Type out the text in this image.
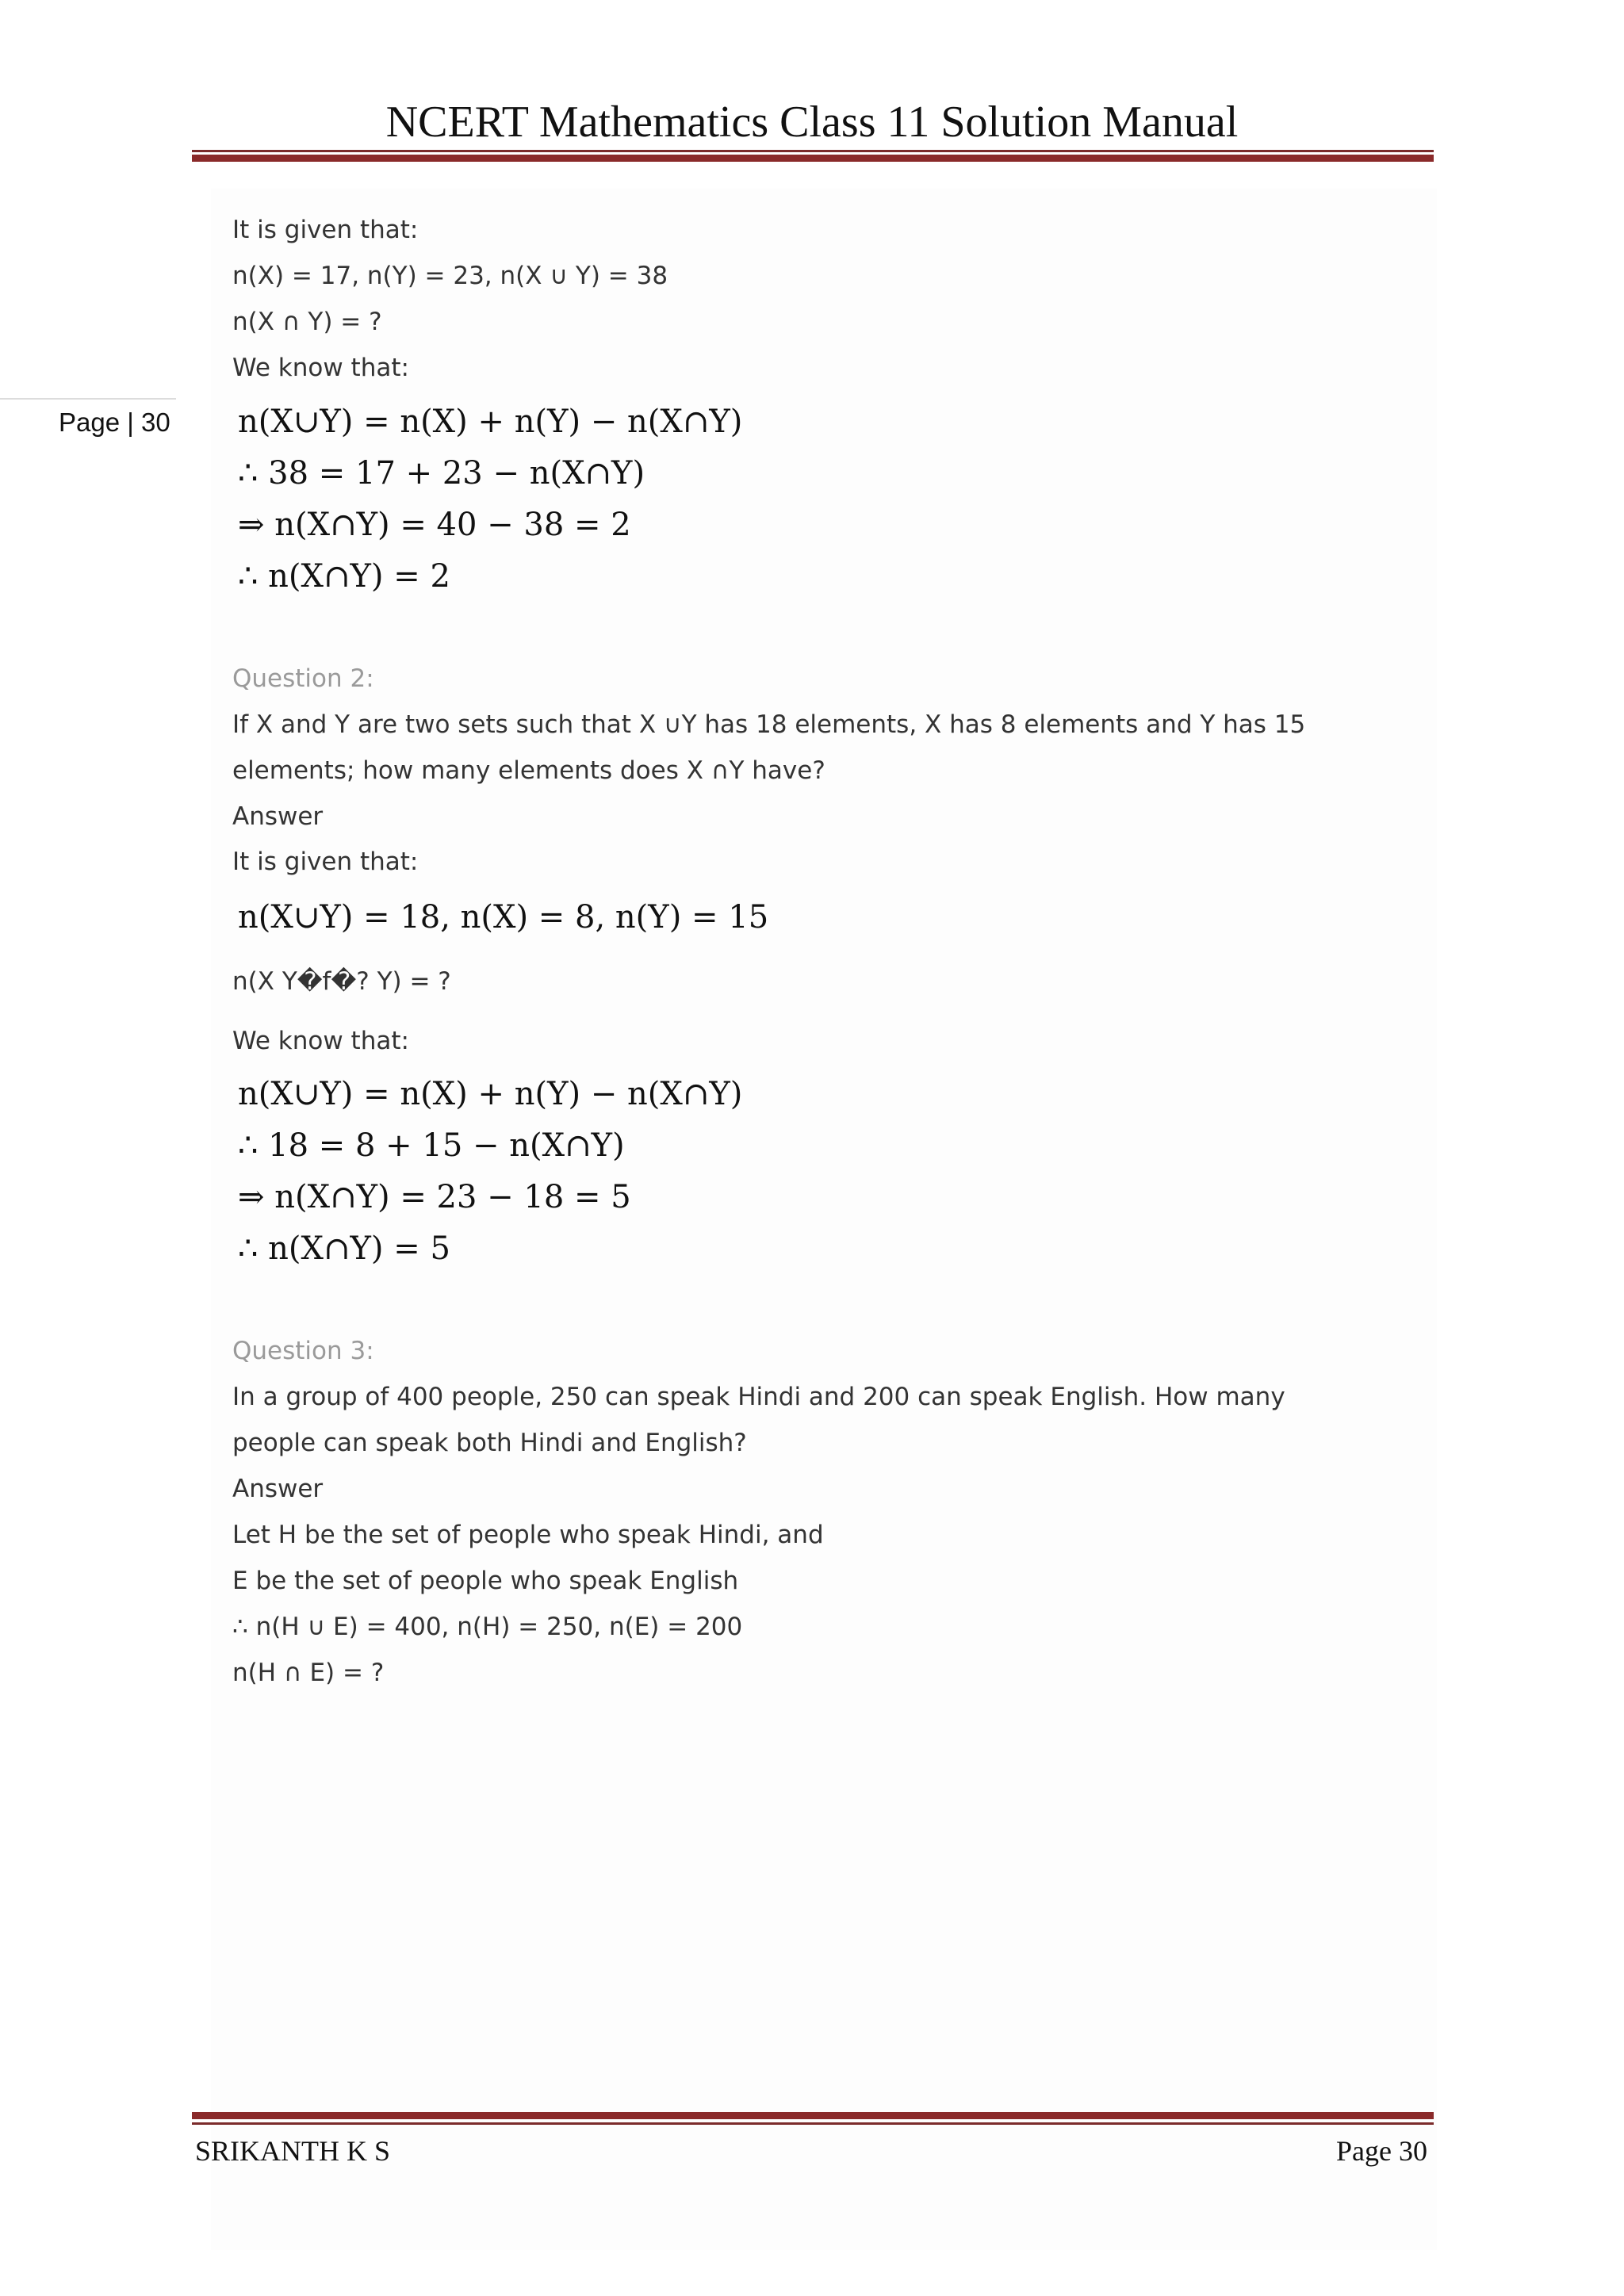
NCERT Mathematics Class 11 Solution Manual
Page | 30
It is given that:
n(X) = 17, n(Y) = 23, n(X ∪ Y) = 38
n(X ∩ Y) = ?
We know that:
n(X∪Y) = n(X) + n(Y) − n(X∩Y)
∴ 38 = 17 + 23 − n(X∩Y)
⇒ n(X∩Y) = 40 − 38 = 2
∴ n(X∩Y) = 2
Question 2:
If X and Y are two sets such that X ∪Y has 18 elements, X has 8 elements and Y has 15
elements; how many elements does X ∩Y have?
Answer
It is given that:
n(X∪Y) = 18, n(X) = 8, n(Y) = 15
n(X Y�f�? Y) = ?
We know that:
n(X∪Y) = n(X) + n(Y) − n(X∩Y)
∴ 18 = 8 + 15 − n(X∩Y)
⇒ n(X∩Y) = 23 − 18 = 5
∴ n(X∩Y) = 5
Question 3:
In a group of 400 people, 250 can speak Hindi and 200 can speak English. How many
people can speak both Hindi and English?
Answer
Let H be the set of people who speak Hindi, and
E be the set of people who speak English
∴ n(H ∪ E) = 400, n(H) = 250, n(E) = 200
n(H ∩ E) = ?
SRIKANTH K S	Page 30
